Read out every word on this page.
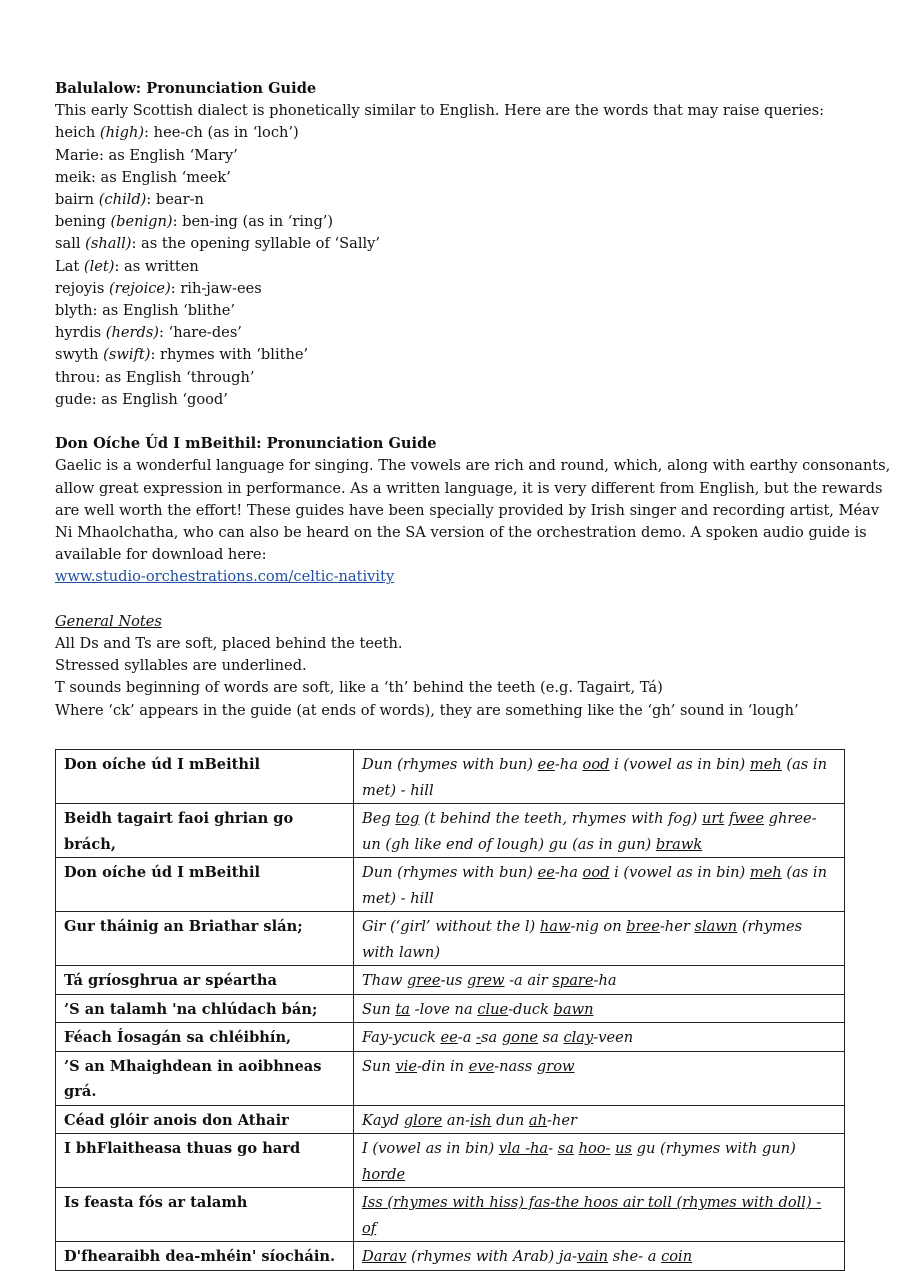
Balulalow: Pronunciation Guide
This early Scottish dialect is phonetically similar to English. Here are the words that may raise queries:
heich (high): hee-ch (as in ‘loch’)
Marie: as English ‘Mary’
meik: as English ‘meek’
bairn (child): bear-n
bening (benign): ben-ing (as in ‘ring’)
sall (shall): as the opening syllable of ‘Sally’
Lat (let): as written
rejoyis (rejoice): rih-jaw-ees
blyth: as English ‘blithe’
hyrdis (herds): ‘hare-des’
swyth (swift): rhymes with ‘blithe’
throu: as English ‘through’
gude: as English ‘good’
Don Oíche Úd I mBeithil: Pronunciation Guide
Gaelic is a wonderful language for singing. The vowels are rich and round, which, along with earthy consonants,
allow great expression in performance. As a written language, it is very different from English, but the rewards
are well worth the effort! These guides have been specially provided by Irish singer and recording artist, Méav
Ni Mhaolchatha, who can also be heard on the SA version of the orchestration demo. A spoken audio guide is
available for download here:
www.studio-orchestrations.com/celtic-nativity
General Notes
All Ds and Ts are soft, placed behind the teeth.
Stressed syllables are underlined.
T sounds beginning of words are soft, like a ‘th’ behind the teeth (e.g. Tagairt, Tá)
Where ‘ck’ appears in the guide (at ends of words), they are something like the ‘gh’ sound in ‘lough’
Don oíche úd I mBeithil	Dun (rhymes with bun) ee-ha ood i (vowel as in bin) meh (as in met) - hill
Beidh tagairt faoi ghrian go brách,	Beg tog (t behind the teeth, rhymes with fog) urt fwee ghree-un (gh like end of lough) gu (as in gun) brawk
Don oíche úd I mBeithil	Dun (rhymes with bun) ee-ha ood i (vowel as in bin) meh (as in met) - hill
Gur tháinig an Briathar slán;	Gir (‘girl’ without the l) haw-nig on bree-her slawn (rhymes with lawn)
Tá gríosghrua ar spéartha	Thaw gree-us grew -a air spare-ha
’S an talamh 'na chlúdach bán;	Sun ta -love na clue-duck bawn
Féach Íosagán sa chléibhín,	Fay-ycuck ee-a -sa gone sa clay-veen
’S an Mhaighdean in aoibhneas grá.	Sun vie-din in eve-nass grow
Céad glóir anois don Athair	Kayd glore an-ish dun ah-her
I bhFlaitheasa thuas go hard	I (vowel as in bin) vla -ha- sa hoo- us gu (rhymes with gun) horde
Is feasta fós ar talamh	Iss (rhymes with hiss) fas-the hoos air toll (rhymes with doll) -of
D'fhearaibh dea-mhéin' síocháin.	Darav (rhymes with Arab) ja-vain she- a coin
